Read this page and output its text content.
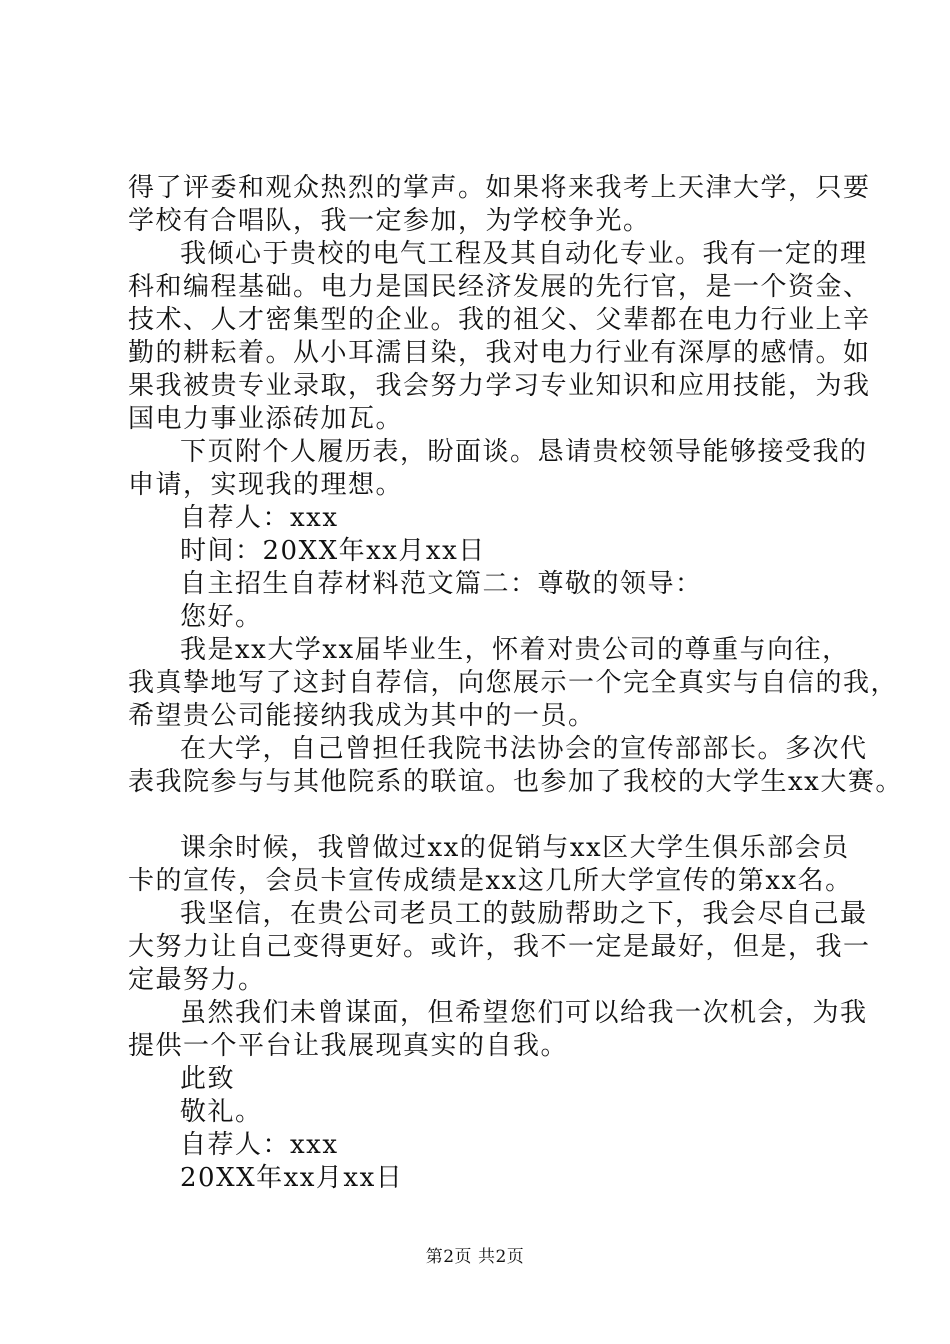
得了评委和观众热烈的掌声。如果将来我考上天津大学，只要
学校有合唱队，我一定参加，为学校争光。
我倾心于贵校的电气工程及其自动化专业。我有一定的理
科和编程基础。电力是国民经济发展的先行官，是一个资金、
技术、人才密集型的企业。我的祖父、父辈都在电力行业上辛
勤的耕耘着。从小耳濡目染，我对电力行业有深厚的感情。如
果我被贵专业录取，我会努力学习专业知识和应用技能，为我
国电力事业添砖加瓦。
下页附个人履历表，盼面谈。恳请贵校领导能够接受我的
申请，实现我的理想。
自荐人：xxx
时间：20XX年xx月xx日
自主招生自荐材料范文篇二：尊敬的领导：
您好。
我是xx大学xx届毕业生，怀着对贵公司的尊重与向往，
我真挚地写了这封自荐信，向您展示一个完全真实与自信的我，
希望贵公司能接纳我成为其中的一员。
在大学，自己曾担任我院书法协会的宣传部部长。多次代
表我院参与与其他院系的联谊。也参加了我校的大学生xx大赛。
课余时候，我曾做过xx的促销与xx区大学生俱乐部会员
卡的宣传，会员卡宣传成绩是xx这几所大学宣传的第xx名。
我坚信，在贵公司老员工的鼓励帮助之下，我会尽自己最
大努力让自己变得更好。或许，我不一定是最好，但是，我一
定最努力。
虽然我们未曾谋面，但希望您们可以给我一次机会，为我
提供一个平台让我展现真实的自我。
此致
敬礼。
自荐人：xxx
20XX年xx月xx日
第2页 共2页
